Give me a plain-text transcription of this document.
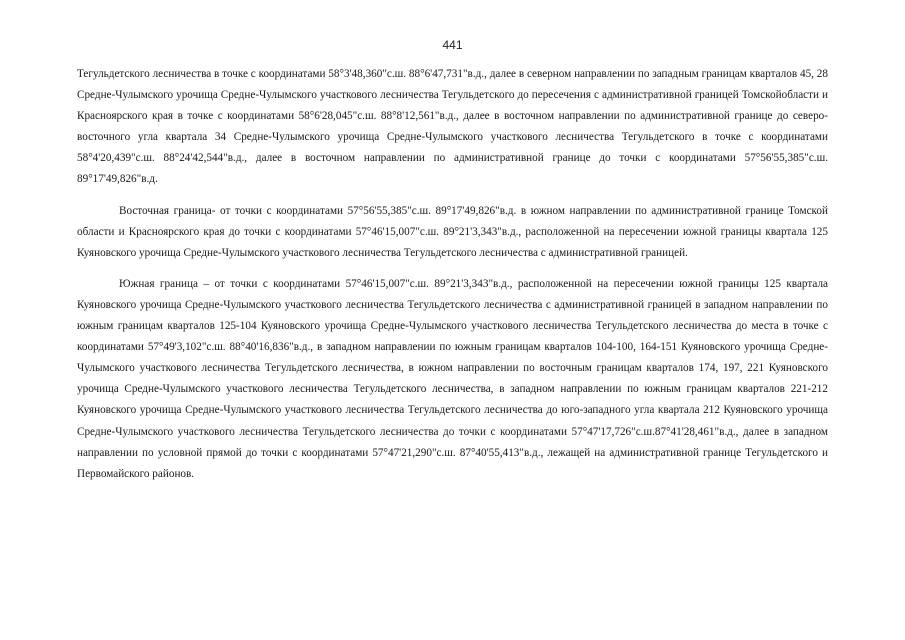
441

Тегульдетского лесничества в точке с координатами 58°3'48,360"с.ш. 88°6'47,731"в.д., далее в северном направлении по западным границам кварталов 45, 28 Средне-Чулымского урочища Средне-Чулымского участкового лесничества Тегульдетского до пересечения с административной границей Томскойобласти и Красноярского края в точке с координатами 58°6'28,045"с.ш. 88°8'12,561"в.д., далее в восточном направлении по административной границе до северо-восточного угла квартала 34 Средне-Чулымского урочища Средне-Чулымского участкового лесничества Тегульдетского в точке с координатами 58°4'20,439"с.ш. 88°24'42,544"в.д., далее в восточном направлении по административной границе до точки с координатами 57°56'55,385"с.ш. 89°17'49,826"в.д.

Восточная граница- от точки с координатами 57°56'55,385"с.ш. 89°17'49,826"в.д. в южном направлении по административной границе Томской области и Красноярского края до точки с координатами 57°46'15,007"с.ш. 89°21'3,343"в.д., расположенной на пересечении южной границы квартала 125 Куяновского урочища Средне-Чулымского участкового лесничества Тегульдетского лесничества с административной границей.

Южная граница – от точки с координатами 57°46'15,007"с.ш. 89°21'3,343"в.д., расположенной на пересечении южной границы 125 квартала Куяновского урочища Средне-Чулымского участкового лесничества Тегульдетского лесничества с административной границей в западном направлении по южным границам кварталов 125-104 Куяновского урочища Средне-Чулымского участкового лесничества Тегульдетского лесничества до места в точке с координатами 57°49'3,102"с.ш. 88°40'16,836"в.д., в западном направлении по южным границам кварталов 104-100, 164-151 Куяновского урочища Средне-Чулымского участкового лесничества Тегульдетского лесничества, в южном направлении по восточным границам кварталов 174, 197, 221 Куяновского урочища Средне-Чулымского участкового лесничества Тегульдетского лесничества, в западном направлении по южным границам кварталов 221-212 Куяновского урочища Средне-Чулымского участкового лесничества Тегульдетского лесничества до юго-западного угла квартала 212 Куяновского урочища Средне-Чулымского участкового лесничества Тегульдетского лесничества до точки с координатами 57°47'17,726"с.ш.87°41'28,461"в.д., далее в западном направлении по условной прямой до точки с координатами 57°47'21,290"с.ш. 87°40'55,413"в.д., лежащей на административной границе Тегульдетского и Первомайского районов.
